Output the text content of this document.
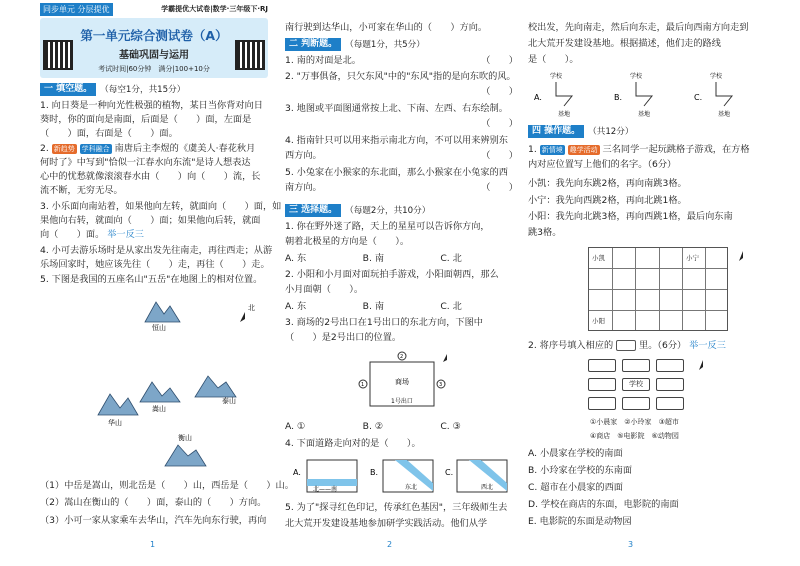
同步单元 分层提优	学霸提优大试卷|数学·三年级下·RJ
第一单元综合测试卷（A）
基础巩固与运用
考试时间|60分钟　满分|100+10分
一 填空题。 （每空1分，共15分）
1. 向日葵是一种向光性极强的植物，某日当你背对向日
葵时，你的面向是南面，后面是（　　）面，左面是
（　　）面，右面是（　　）面。
2. 新趋势 学科融合 南唐后主李煜的《虞美人·春花秋月
何时了》中写到"恰似一江春水向东流"是诗人想表达
心中的忧愁就像滚滚春水由（　　）向（　　）流，长
流不断，无穷无尽。
3. 小乐面向南站着，如果他向左转，就面向（　　）面，如
果他向右转，就面向（　　）面；如果他向后转，就面
向（　　）面。 举一反三
4. 小可去游乐场时是从家出发先往南走，再往西走；从游
乐场回家时，她应该先往（　　）走，再往（　　）走。
5. 下图是我国的五座名山"五岳"在地图上的相对位置。
恒山
华山
嵩山
泰山
衡山
北
（1）中岳是嵩山，则北岳是（　　）山，西岳是（　　）山。
（2）嵩山在衡山的（　　）面，泰山的（　　）方向。
（3）小可一家从家乘车去华山，汽车先向东行驶，再向
1
南行驶到达华山，小可家在华山的（　　）方向。
二 判断题。 （每题1分，共5分）
1. 南的对面是北。	（　　）
2. "万事俱备，只欠东风"中的"东风"指的是向东吹的风。
（　　）
3. 地图或平面图通常按上北、下南、左西、右东绘制。
（　　）
4. 指南针只可以用来指示南北方向，不可以用来辨别东
西方向。	（　　）
5. 小兔家在小猴家的东北面，那么小猴家在小兔家的西
南方向。	（　　）
三 选择题。 （每题2分，共10分）
1. 你在野外迷了路，天上的星星可以告诉你方向，
朝着北极星的方向是（　　）。
A. 东	B. 南	C. 北
2. 小阳和小月面对面玩拍手游戏，小阳面朝西，那么
小月面朝（　　）。
A. 东	B. 南	C. 北
3. 商场的2号出口在1号出口的东北方向，下图中
（　　）是2号出口的位置。
商场
1号出口
2
1	3
A. ①	B. ②	C. ③
4. 下面道路走向对的是（　　）。
A.
北——南
B.
东北
C.
西北
5. 为了"探寻红色印记，传承红色基因"，三年级师生去
北大荒开发建设基地参加研学实践活动。他们从学
2
校出发，先向南走，然后向东走，最后向西南方向走到
北大荒开发建设基地。根据描述，他们走的路线
是（　　）。
A.
学校
基地
B.
学校
基地
C.
学校
基地
四 操作题。 （共12分）
1. 新情境 趣学活动 三名同学一起玩跳格子游戏，在方格
内对应位置写上他们的名字。（6分）
小凯：我先向东跳2格，再向南跳3格。
小宁：我先向西跳2格，再向北跳1格。
小阳：我先向北跳3格，再向西跳1格，最后向东南
跳3格。
小凯	小宁
小阳
2. 将序号填入相应的	里。（6分） 举一反三
学校
①小晨家　 ②小玲家　 ③超市
④商店　 ⑤电影院　 ⑥动物园
A. 小晨家在学校的南面
B. 小玲家在学校的东南面
C. 超市在小晨家的西面
D. 学校在商店的东面，电影院的南面
E. 电影院的东面是动物园
3
